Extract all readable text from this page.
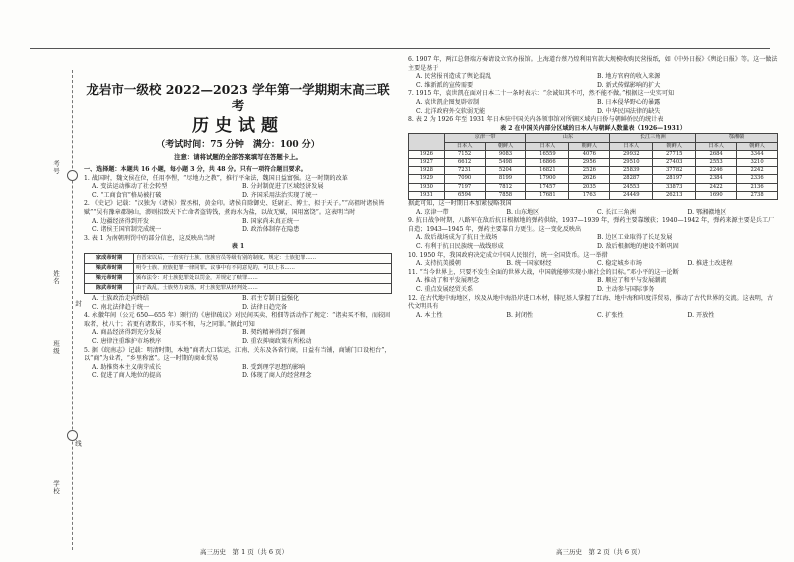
考号
姓名
班级
学校
封
线
龙岩市一级校 2022—2023 学年第一学期期末高三联考
历史试题
（考试时间：75 分钟　满分：100 分）
注意：请将试题的全部答案填写在答题卡上。

一、选择题：本题共 16 小题，每小题 3 分，共 48 分。只有一项符合题目要求。

1. 战国时，魏文侯在位，任用李悝，“尽地力之教”，推行平籴法，魏国日益富强。这一时期的改革

A. 变法运动推动了社会转型	B. 分封制促进了区域经济发展
C. “工商食官”格局被打破	D. 齐国采用法治实现了统一

2. 《史记》记载：“汉独为（诸侯）置丞相，黄金印。诸侯自除御史、廷尉正、博士，拟于天子。”“高祖时诸侯皆赋”“吴有豫章郡铜山，濞则招致天下亡命者盗铸钱，煮海水为盐，以故无赋，国用富饶”。这表明当时

A. 边疆经济得到开发	B. 国家尚未真正统一
C. 诸侯王国官制完成统一	D. 政治体制存在隐患

3. 表 1 为南朝刑罚中的部分信息，这反映出当时

表 1
家成帝时期	自晋宋以后，一直实行士族、庶族官员等级有别的制度。规定：士族犯罪……
梁武帝时期	明令士族、庶族犯罪一律同罪。议事中有不同意见的，可以上书……
梁元帝时期	颁布法令：对士族犯罪处以罚金，并规定了赎罪……
陈武帝时期	由于战乱，士族势力衰落，对士族犯罪从轻判处……
A. 士族政治走向终结	B. 君主专制日益强化
C. 南北法律趋于统一	D. 法律日趋完备

4. 永徽年间（公元 650—655 年）颁行的《唐律疏议》对民间买卖、租佃等活动作了规定：“诸卖买不和，而较固取者，杖八十；若更有诸欺诈，市买不和，与之同罪。”据此可知

A. 商品经济得到充分发展	B. 契约精神得到了强调
C. 唐律注重维护市场秩序	D. 重农抑商政策有所松动

5. 据《皖南志》记载：明清时期，本地“商者大口装运，江南、关东及各省行商，日益有当铺，商铺门口设柜台”，以“商”为业者，“乡里称富”。这一时期的商业贸易

A. 助推资本主义萌芽成长	B. 受到理学思想的影响
C. 促进了商人地位的提高	D. 体现了商人的经营理念
高三历史　第 1 页（共 6 页）

6. 1907 年，两江总督端方奏请设立官办报馆。上海道台蔡乃煌利用官款大规模收购民营报纸，如《中外日报》《舆论日报》等。这一做法主要是基于

A. 民营报刊造成了舆论混乱	B. 地方官府的收入来源
C. 维新派的宣传需要	D. 新式传媒影响的扩大

7. 1915 年，袁世凯在面对日本二十一条时表示：“余诚知其不可，然不能不做。”根据这一史实可知

A. 袁世凯企图复辟帝制	B. 日本侵华野心的暴露
C. 北洋政府外交软弱无能	D. 中华民国法律的缺失

8. 表 2 为 1926 年至 1931 年日本驻中国关内各领事馆对所辖区域内日侨与朝鲜侨民的统计表

表 2 在中国关内部分区域的日本人与朝鲜人数量表（1926—1931）
	京津一带		山东		长江三角洲		鄂湘赣	
	日本人	朝鲜人	日本人	朝鲜人	日本人	朝鲜人	日本人	朝鲜人
1926	7152	9083	16559	4076	29932	27715	2684	3344
1927	6612	5498	16866	2956	29510	27403	2553	3210
1928	7231	5204	16821	2526	25839	37782	2246	2242
1929	7090	8199	17900	2626	28287	28197	2384	2336
1930	7197	7812	17457	2035	24553	33873	2422	2136
1931	6594	7858	17681	1763	24449	26213	1690	2738

据此可知，这一时期日本加紧侵略我国

A. 京津一带	B. 山东地区	C. 长江三角洲	D. 鄂湘赣地区

9. 抗日战争时期，八路军在敌后抗日根据地的弹药供给，1937—1939 年，弹药主要靠缴获；1940—1942 年，弹药来源主要是兵工厂自造；1943—1945 年，弹药主要靠自力更生。这一变化反映出

A. 敌后战场成为了抗日主战场	B. 边区工业取得了长足发展
C. 有利于抗日民族统一战线形成	D. 敌后根据地的建设不断巩固

10. 1950 年，我国政府决定成立中国人民银行，统一全国货币。这一举措

A. 支持抗美援朝	B. 统一国家财经	C. 稳定城乡市场	D. 推进土改进程

11. “当今世界上，只要不发生全面的世界大战，中国就能够实现小康社会的目标。”邓小平的这一论断

A. 推动了和平发展理念	B. 顺应了和平与发展潮流
C. 重点发展经贸关系	D. 主动参与国际事务

12. 在古代地中海地区，埃及从地中海沿岸进口木材，腓尼基人掌握了红海、地中海和印度洋贸易，推动了古代世界的交流。这表明，古代文明具有

A. 本土性	B. 封闭性	C. 扩张性	D. 开放性
高三历史　第 2 页（共 6 页）
